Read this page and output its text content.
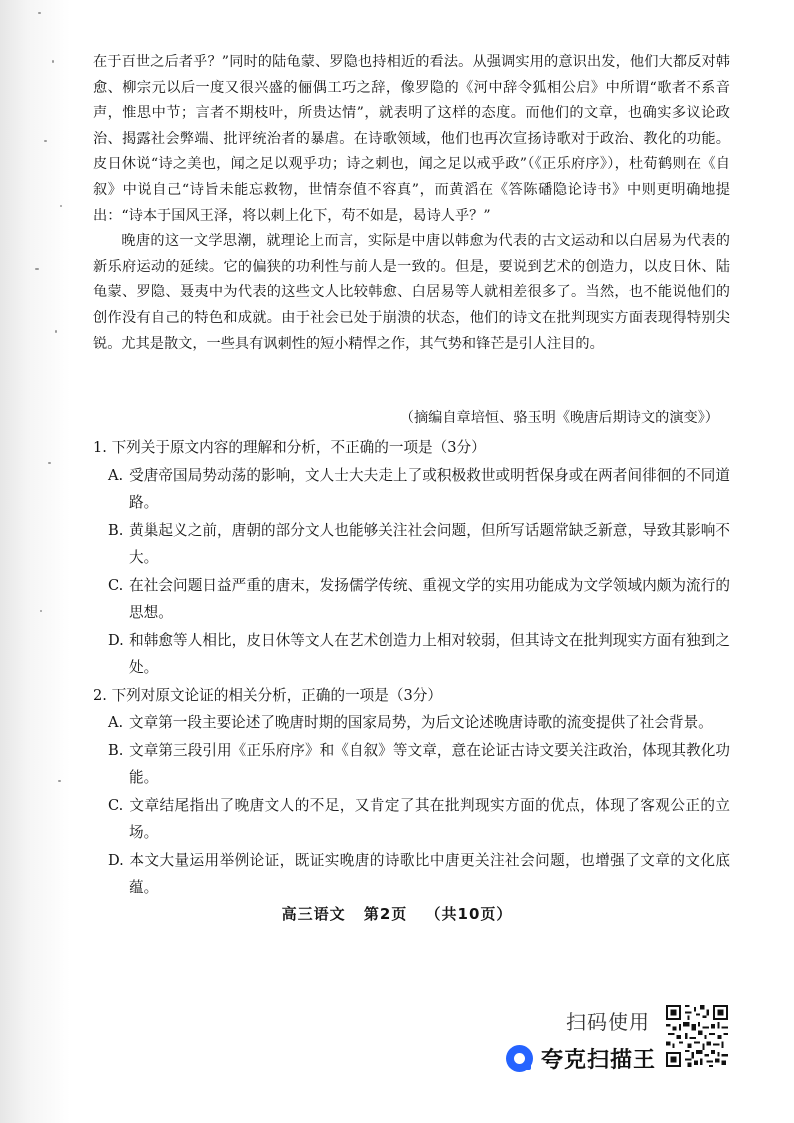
在于百世之后者乎？”同时的陆龟蒙、罗隐也持相近的看法。从强调实用的意识出发，他们大都反对韩愈、柳宗元以后一度又很兴盛的俪偶工巧之辞，像罗隐的《河中辞令狐相公启》中所谓“歌者不系音声，惟思中节；言者不期枝叶，所贵达情”，就表明了这样的态度。而他们的文章，也确实多议论政治、揭露社会弊端、批评统治者的暴虐。在诗歌领域，他们也再次宣扬诗歌对于政治、教化的功能。皮日休说“诗之美也，闻之足以观乎功；诗之刺也，闻之足以戒乎政”（《正乐府序》），杜荀鹤则在《自叙》中说自己“诗旨未能忘救物，世情奈值不容真”，而黄滔在《答陈磻隐论诗书》中则更明确地提出：“诗本于国风王泽，将以刺上化下，苟不如是，曷诗人乎？”

晚唐的这一文学思潮，就理论上而言，实际是中唐以韩愈为代表的古文运动和以白居易为代表的新乐府运动的延续。它的偏狭的功利性与前人是一致的。但是，要说到艺术的创造力，以皮日休、陆龟蒙、罗隐、聂夷中为代表的这些文人比较韩愈、白居易等人就相差很多了。当然，也不能说他们的创作没有自己的特色和成就。由于社会已处于崩溃的状态，他们的诗文在批判现实方面表现得特别尖锐。尤其是散文，一些具有讽刺性的短小精悍之作，其气势和锋芒是引人注目的。

（摘编自章培恒、骆玉明《晚唐后期诗文的演变》）

1. 下列关于原文内容的理解和分析，不正确的一项是（3分）

A. 受唐帝国局势动荡的影响，文人士大夫走上了或积极救世或明哲保身或在两者间徘徊的不同道路。

B. 黄巢起义之前，唐朝的部分文人也能够关注社会问题，但所写话题常缺乏新意，导致其影响不大。

C. 在社会问题日益严重的唐末，发扬儒学传统、重视文学的实用功能成为文学领域内颇为流行的思想。

D. 和韩愈等人相比，皮日休等文人在艺术创造力上相对较弱，但其诗文在批判现实方面有独到之处。

2. 下列对原文论证的相关分析，正确的一项是（3分）

A. 文章第一段主要论述了晚唐时期的国家局势，为后文论述晚唐诗歌的流变提供了社会背景。

B. 文章第三段引用《正乐府序》和《自叙》等文章，意在论证古诗文要关注政治，体现其教化功能。

C. 文章结尾指出了晚唐文人的不足，又肯定了其在批判现实方面的优点，体现了客观公正的立场。

D. 本文大量运用举例论证，既证实晚唐的诗歌比中唐更关注社会问题，也增强了文章的文化底蕴。

高三语文 第2页 （共10页）
扫码使用
夸克扫描王
